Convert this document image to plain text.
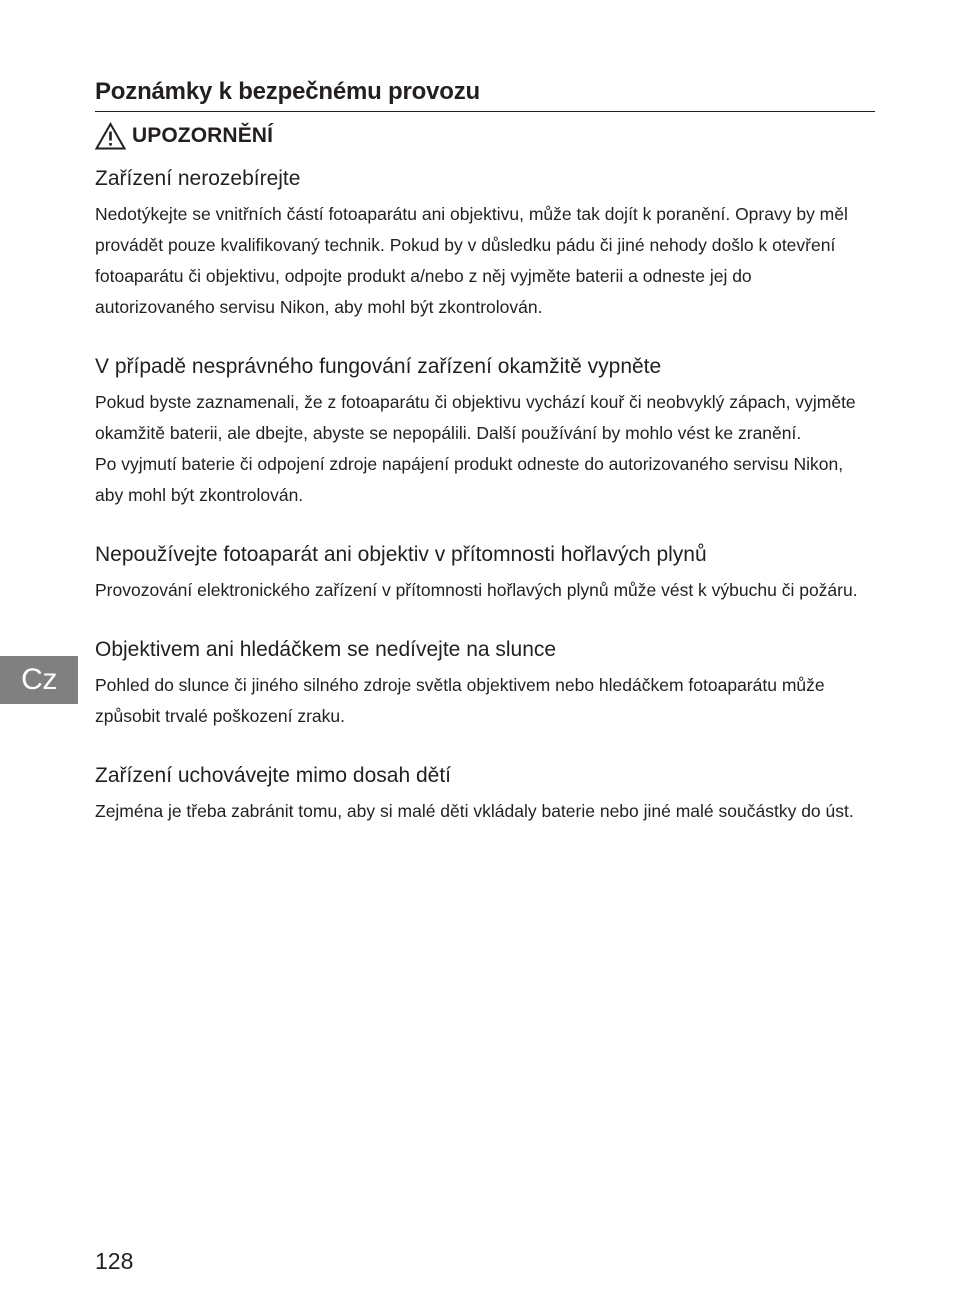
Poznámky k bezpečnému provozu
UPOZORNĚNÍ
Zařízení nerozebírejte

Nedotýkejte se vnitřních částí fotoaparátu ani objektivu, může tak dojít k poranění. Opravy by měl provádět pouze kvalifikovaný technik. Pokud by v důsledku pádu či jiné nehody došlo k otevření fotoaparátu či objektivu, odpojte produkt a/nebo z něj vyjměte baterii a odneste jej do autorizovaného servisu Nikon, aby mohl být zkontrolován.

V případě nesprávného fungování zařízení okamžitě vypněte

Pokud byste zaznamenali, že z fotoaparátu či objektivu vychází kouř či neobvyklý zápach, vyjměte okamžitě baterii, ale dbejte, abyste se nepopálili. Další používání by mohlo vést ke zranění.

Po vyjmutí baterie či odpojení zdroje napájení produkt odneste do autorizovaného servisu Nikon, aby mohl být zkontrolován.

Nepoužívejte fotoaparát ani objektiv v přítomnosti hořlavých plynů

Provozování elektronického zařízení v přítomnosti hořlavých plynů může vést k výbuchu či požáru.

Objektivem ani hledáčkem se nedívejte na slunce

Pohled do slunce či jiného silného zdroje světla objektivem nebo hledáčkem fotoaparátu může způsobit trvalé poškození zraku.

Zařízení uchovávejte mimo dosah dětí

Zejména je třeba zabránit tomu, aby si malé děti vkládaly baterie nebo jiné malé součástky do úst.

Cz
128
